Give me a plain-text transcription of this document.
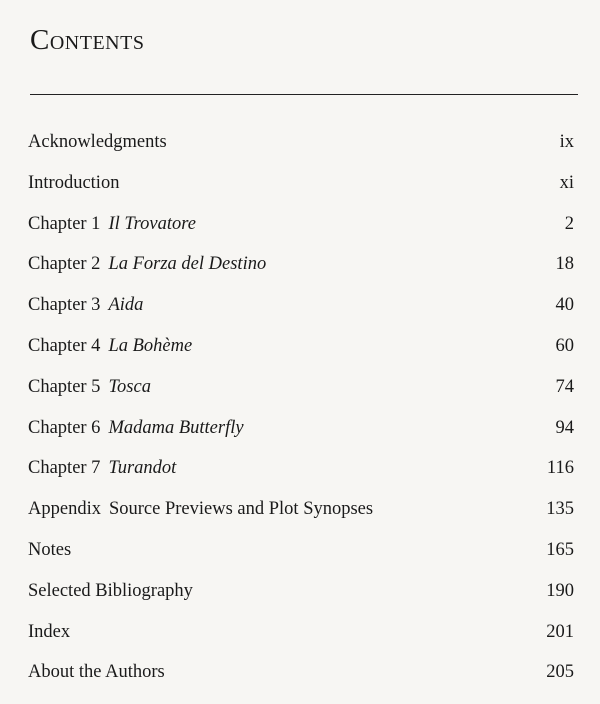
Contents
Acknowledgments	ix
Introduction	xi
Chapter 1 Il Trovatore	2
Chapter 2 La Forza del Destino	18
Chapter 3 Aida	40
Chapter 4 La Bohème	60
Chapter 5 Tosca	74
Chapter 6 Madama Butterfly	94
Chapter 7 Turandot	116
Appendix Source Previews and Plot Synopses	135
Notes	165
Selected Bibliography	190
Index	201
About the Authors	205
